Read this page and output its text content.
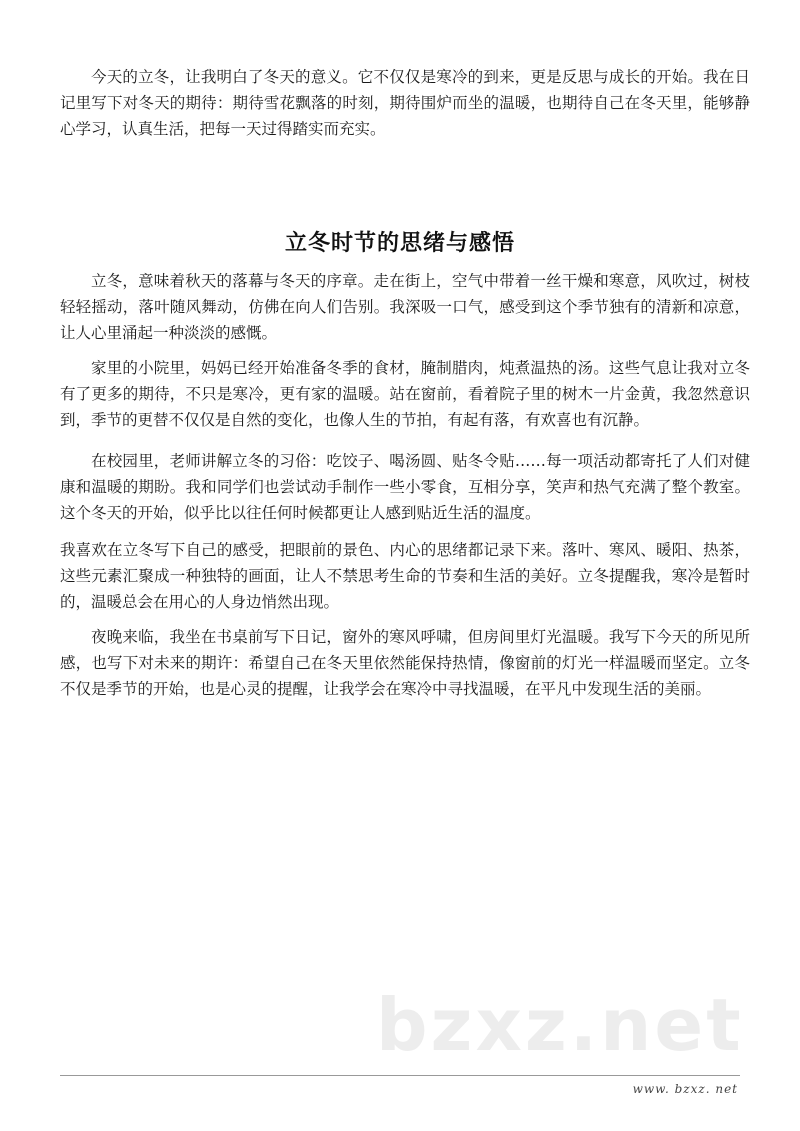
今天的立冬，让我明白了冬天的意义。它不仅仅是寒冷的到来，更是反思与成长的开始。我在日记里写下对冬天的期待：期待雪花飘落的时刻，期待围炉而坐的温暖，也期待自己在冬天里，能够静心学习，认真生活，把每一天过得踏实而充实。

立冬时节的思绪与感悟

立冬，意味着秋天的落幕与冬天的序章。走在街上，空气中带着一丝干燥和寒意，风吹过，树枝轻轻摇动，落叶随风舞动，仿佛在向人们告别。我深吸一口气，感受到这个季节独有的清新和凉意，让人心里涌起一种淡淡的感慨。

家里的小院里，妈妈已经开始准备冬季的食材，腌制腊肉，炖煮温热的汤。这些气息让我对立冬有了更多的期待，不只是寒冷，更有家的温暖。站在窗前，看着院子里的树木一片金黄，我忽然意识到，季节的更替不仅仅是自然的变化，也像人生的节拍，有起有落，有欢喜也有沉静。

在校园里，老师讲解立冬的习俗：吃饺子、喝汤圆、贴冬令贴……每一项活动都寄托了人们对健康和温暖的期盼。我和同学们也尝试动手制作一些小零食，互相分享，笑声和热气充满了整个教室。这个冬天的开始，似乎比以往任何时候都更让人感到贴近生活的温度。

我喜欢在立冬写下自己的感受，把眼前的景色、内心的思绪都记录下来。落叶、寒风、暖阳、热茶，这些元素汇聚成一种独特的画面，让人不禁思考生命的节奏和生活的美好。立冬提醒我，寒冷是暂时的，温暖总会在用心的人身边悄然出现。

夜晚来临，我坐在书桌前写下日记，窗外的寒风呼啸，但房间里灯光温暖。我写下今天的所见所感，也写下对未来的期许：希望自己在冬天里依然能保持热情，像窗前的灯光一样温暖而坚定。立冬不仅是季节的开始，也是心灵的提醒，让我学会在寒冷中寻找温暖，在平凡中发现生活的美丽。

bzxz.net
www. bzxz. net
